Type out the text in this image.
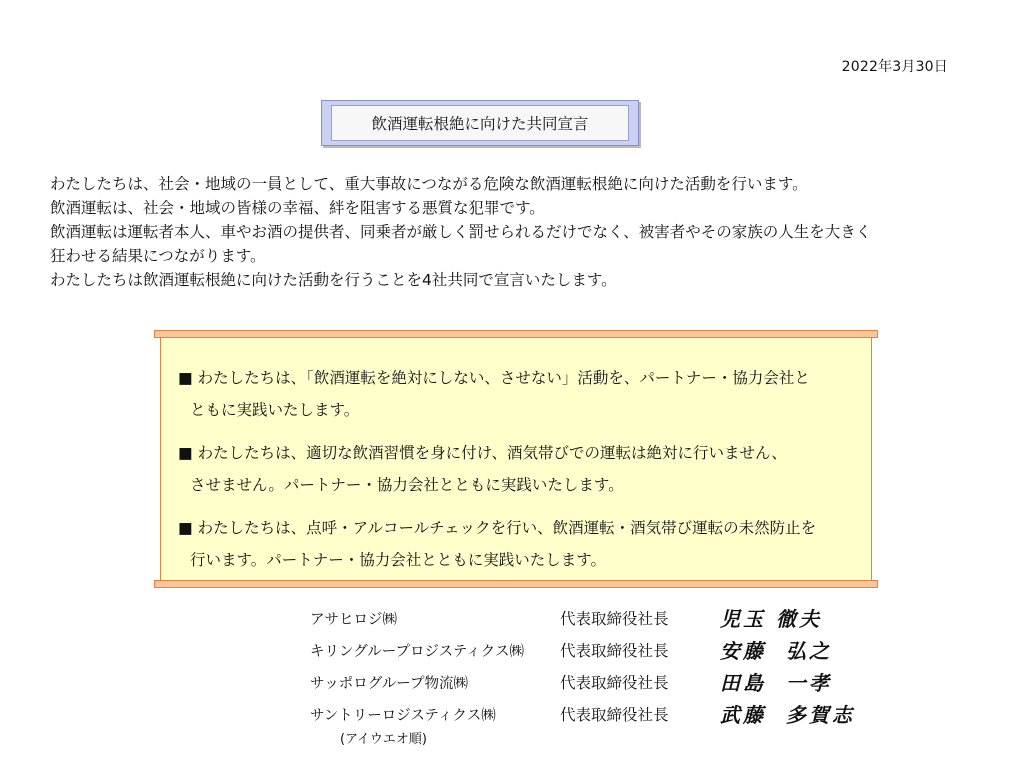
2022年3月30日
飲酒運転根絶に向けた共同宣言

わたしたちは、社会・地域の一員として、重大事故につながる危険な飲酒運転根絶に向けた活動を行います。

飲酒運転は、社会・地域の皆様の幸福、絆を阻害する悪質な犯罪です。

飲酒運転は運転者本人、車やお酒の提供者、同乗者が厳しく罰せられるだけでなく、被害者やその家族の人生を大きく

狂わせる結果につながります。

わたしたちは飲酒運転根絶に向けた活動を行うことを4社共同で宣言いたします。

■ わたしたちは、「飲酒運転を絶対にしない、させない」活動を、パートナー・協力会社と
ともに実践いたします。
■ わたしたちは、適切な飲酒習慣を身に付け、酒気帯びでの運転は絶対に行いません、
させません。パートナー・協力会社とともに実践いたします。
■ わたしたちは、点呼・アルコールチェックを行い、飲酒運転・酒気帯び運転の未然防止を
行います。パートナー・協力会社とともに実践いたします。
アサヒロジ㈱	代表取締役社長	児玉 徹夫
キリングループロジスティクス㈱ 代表取締役社長	安藤  弘之
サッポログループ物流㈱	代表取締役社長	田島  一孝
サントリーロジスティクス㈱	代表取締役社長	武藤  多賀志
(アイウエオ順)
